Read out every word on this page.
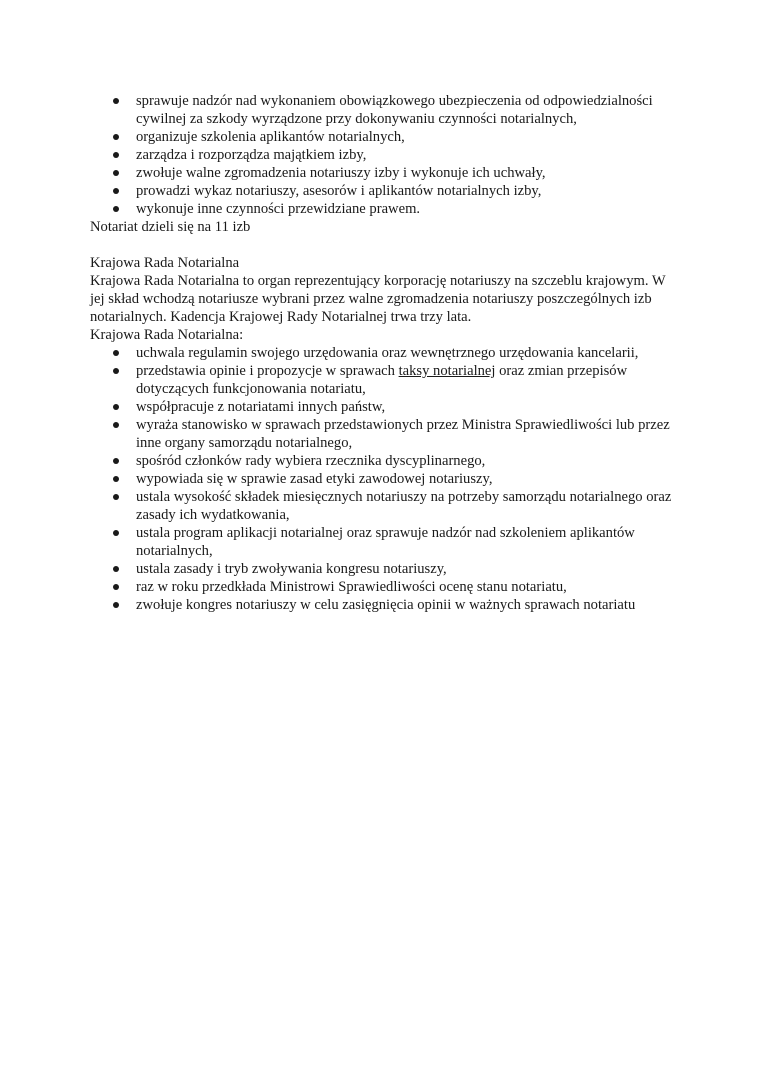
sprawuje nadzór nad wykonaniem obowiązkowego ubezpieczenia od odpowiedzialności cywilnej za szkody wyrządzone przy dokonywaniu czynności notarialnych,
organizuje szkolenia aplikantów notarialnych,
zarządza i rozporządza majątkiem izby,
zwołuje walne zgromadzenia notariuszy izby i wykonuje ich uchwały,
prowadzi wykaz notariuszy, asesorów i aplikantów notarialnych izby,
wykonuje inne czynności przewidziane prawem.

Notariat dzieli się na 11 izb

Krajowa Rada Notarialna

Krajowa Rada Notarialna to organ reprezentujący korporację notariuszy na szczeblu krajowym. W jej skład wchodzą notariusze wybrani przez walne zgromadzenia notariuszy poszczególnych izb notarialnych. Kadencja Krajowej Rady Notarialnej trwa trzy lata.

Krajowa Rada Notarialna:

uchwala regulamin swojego urzędowania oraz wewnętrznego urzędowania kancelarii,
przedstawia opinie i propozycje w sprawach taksy notarialnej oraz zmian przepisów dotyczących funkcjonowania notariatu,
współpracuje z notariatami innych państw,
wyraża stanowisko w sprawach przedstawionych przez Ministra Sprawiedliwości lub przez inne organy samorządu notarialnego,
spośród członków rady wybiera rzecznika dyscyplinarnego,
wypowiada się w sprawie zasad etyki zawodowej notariuszy,
ustala wysokość składek miesięcznych notariuszy na potrzeby samorządu notarialnego oraz zasady ich wydatkowania,
ustala program aplikacji notarialnej oraz sprawuje nadzór nad szkoleniem aplikantów notarialnych,
ustala zasady i tryb zwoływania kongresu notariuszy,
raz w roku przedkłada Ministrowi Sprawiedliwości ocenę stanu notariatu,
zwołuje kongres notariuszy w celu zasięgnięcia opinii w ważnych sprawach notariatu
